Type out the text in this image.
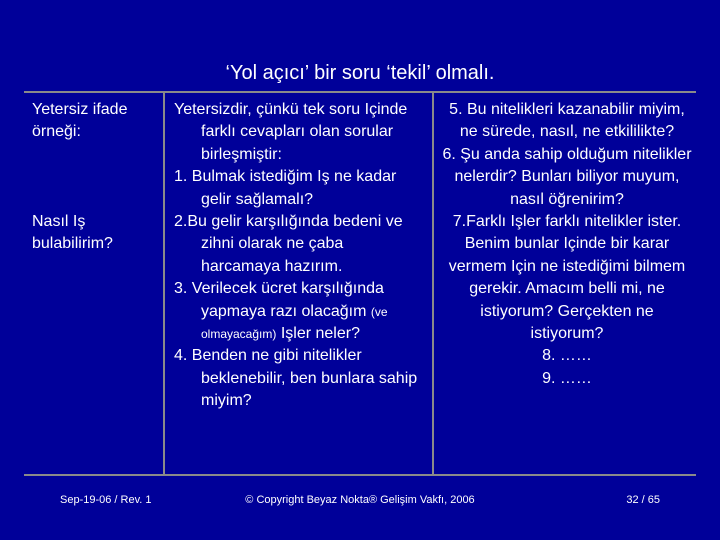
‘Yol açıcı’ bir soru ‘tekil’ olmalı.

Yetersiz ifade örneği:

Nasıl Iş bulabilirim?

Yetersizdir, çünkü tek soru Içinde farklı cevapları olan sorular birleşmiştir:

1. Bulmak istediğim Iş ne kadar gelir sağlamalı?

2.Bu gelir karşılığında bedeni ve zihni olarak ne çaba harcamaya hazırım.

3. Verilecek ücret karşılığında yapmaya razı olacağım (ve olmayacağım) Işler neler?

4. Benden ne gibi nitelikler beklenebilir, ben bunlara sahip miyim?

5. Bu nitelikleri kazanabilir miyim, ne sürede, nasıl, ne etkililikte?

6. Şu anda sahip olduğum nitelikler nelerdir? Bunları biliyor muyum, nasıl öğrenirim?

7.Farklı Işler farklı nitelikler ister. Benim bunlar Içinde bir karar vermem Için ne istediğimi bilmem gerekir. Amacım belli mi, ne istiyorum? Gerçekten ne istiyorum?

8. ……

9. ……

Sep-19-06 / Rev. 1	© Copyright Beyaz Nokta® Gelişim Vakfı, 2006	32 / 65
